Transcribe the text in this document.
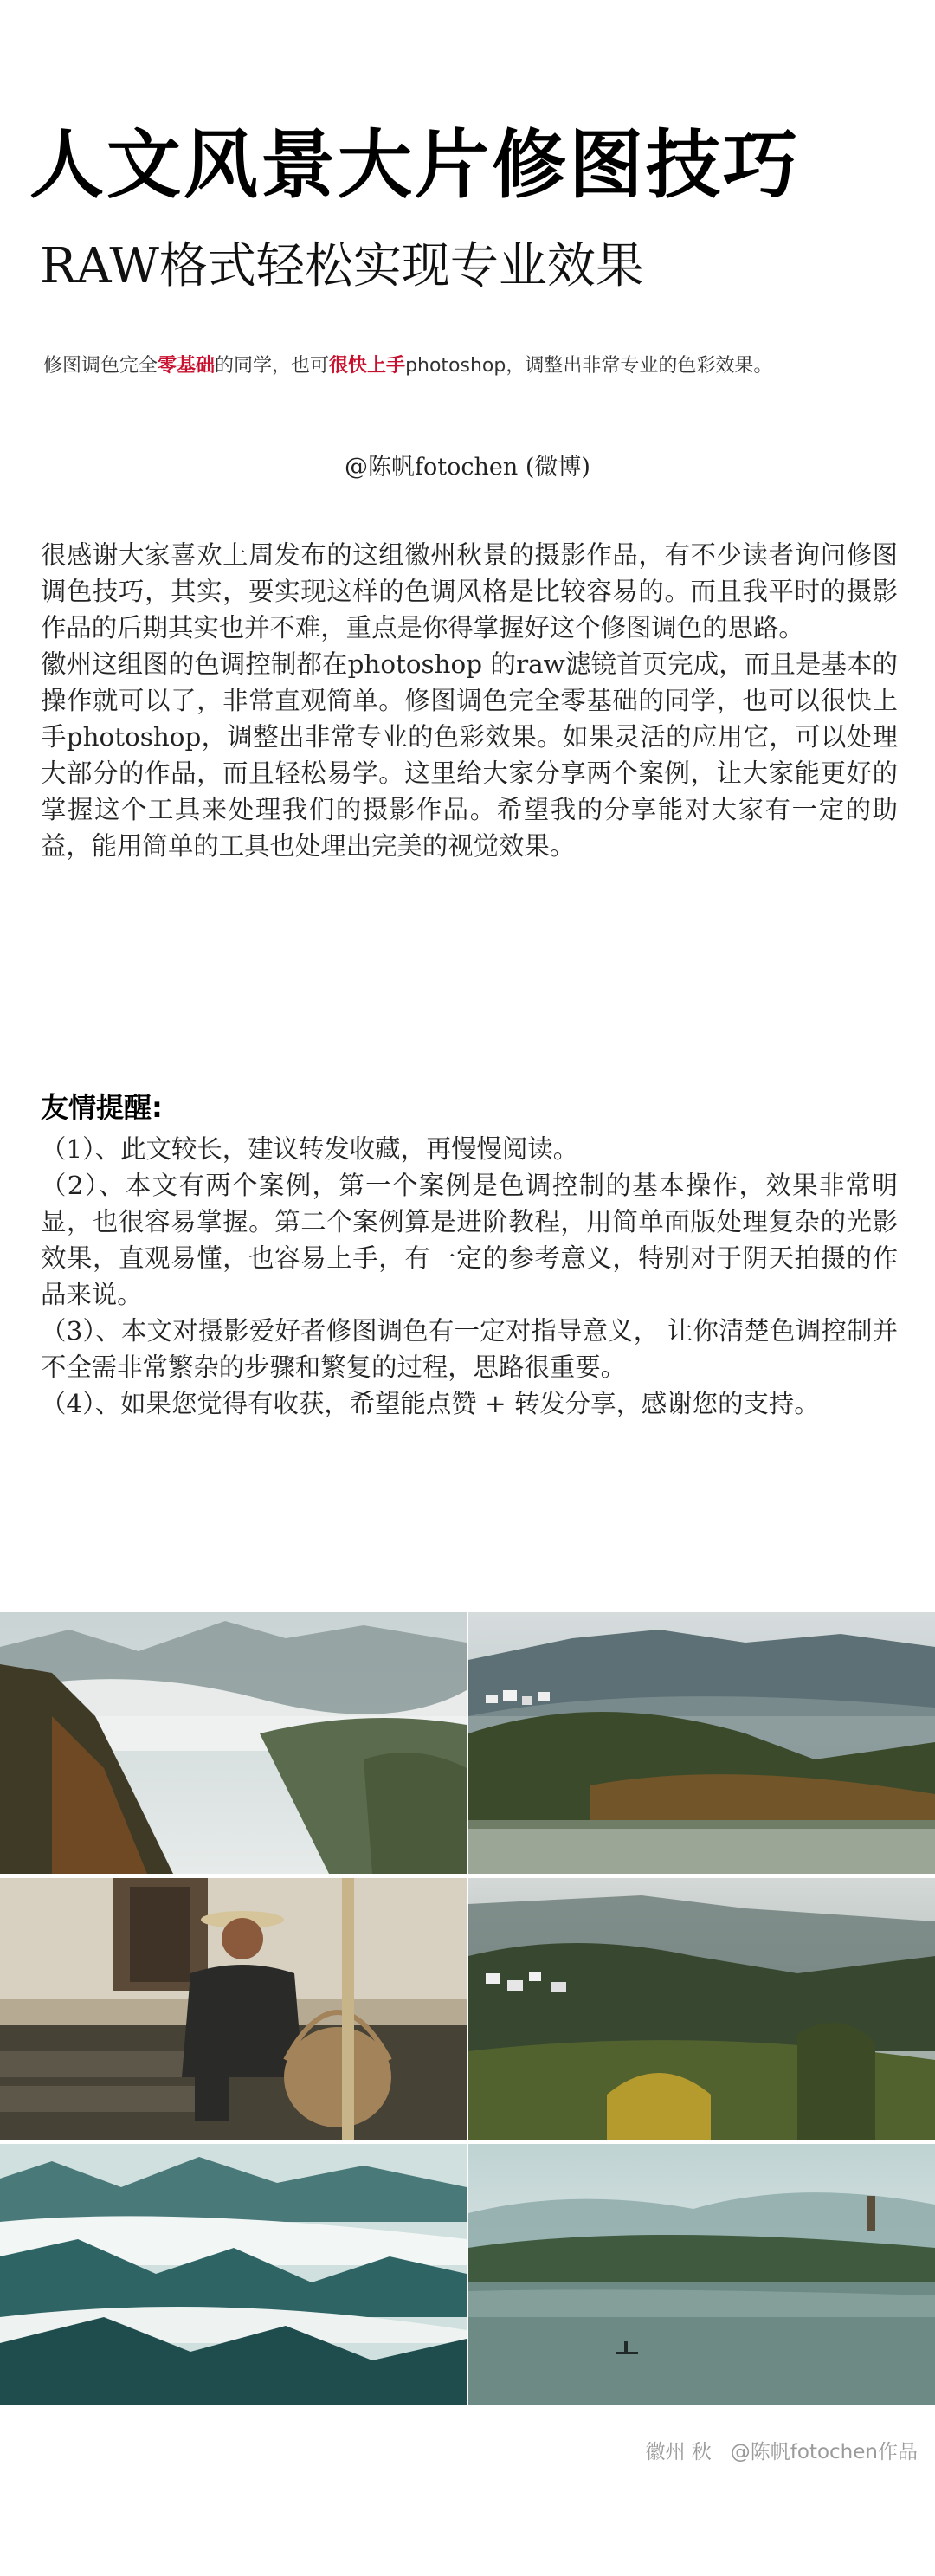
人文风景大片修图技巧
RAW格式轻松实现专业效果

修图调色完全零基础的同学，也可很快上手photoshop，调整出非常专业的色彩效果。

@陈帆fotochen (微博)

很感谢大家喜欢上周发布的这组徽州秋景的摄影作品，有不少读者询问修图调色技巧，其实，要实现这样的色调风格是比较容易的。而且我平时的摄影作品的后期其实也并不难，重点是你得掌握好这个修图调色的思路。

徽州这组图的色调控制都在photoshop 的raw滤镜首页完成，而且是基本的操作就可以了，非常直观简单。修图调色完全零基础的同学，也可以很快上手photoshop，调整出非常专业的色彩效果。如果灵活的应用它，可以处理大部分的作品，而且轻松易学。这里给大家分享两个案例，让大家能更好的掌握这个工具来处理我们的摄影作品。希望我的分享能对大家有一定的助益，能用简单的工具也处理出完美的视觉效果。

友情提醒:

（1）、此文较长，建议转发收藏，再慢慢阅读。

（2）、本文有两个案例，第一个案例是色调控制的基本操作，效果非常明显，也很容易掌握。第二个案例算是进阶教程，用简单面版处理复杂的光影效果，直观易懂，也容易上手，有一定的参考意义，特别对于阴天拍摄的作品来说。

（3）、本文对摄影爱好者修图调色有一定对指导意义， 让你清楚色调控制并不全需非常繁杂的步骤和繁复的过程，思路很重要。

（4）、如果您觉得有收获，希望能点赞 + 转发分享，感谢您的支持。

徽州 秋 @陈帆fotochen作品
